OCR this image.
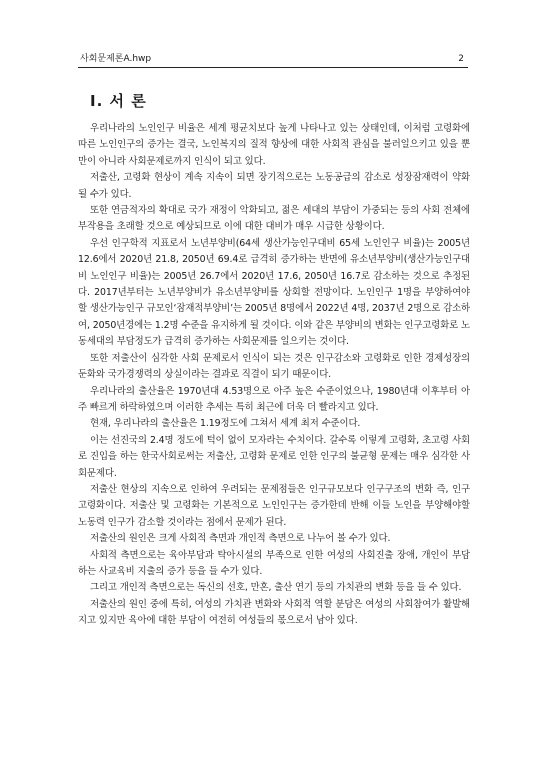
사회문제론A.hwp	2
Ⅰ. 서 론

우리나라의 노인인구 비율은 세계 평균치보다 높게 나타나고 있는 상태인데, 이처럼 고령화에 따른 노인인구의 증가는 결국, 노인복지의 질적 향상에 대한 사회적 관심을 불러일으키고 있을 뿐만이 아니라 사회문제로까지 인식이 되고 있다.

저출산, 고령화 현상이 계속 지속이 되면 장기적으로는 노동공급의 감소로 성장잠재력이 약화될 수가 있다.

또한 연금적자의 확대로 국가 재정이 악화되고, 젊은 세대의 부담이 가중되는 등의 사회 전체에 부작용을 초래할 것으로 예상되므로 이에 대한 대비가 매우 시급한 상황이다.

우선 인구학적 지표로서 노년부양비(64세 생산가능인구대비 65세 노인인구 비율)는 2005년 12.6에서 2020년 21.8, 2050년 69.4로 급격히 증가하는 반면에 유소년부양비(생산가능인구대비 노인인구 비율)는 2005년 26.7에서 2020년 17.6, 2050년 16.7로 감소하는 것으로 추정된다. 2017년부터는 노년부양비가 유소년부양비를 상회할 전망이다. 노인인구 1명을 부양하여야 할 생산가능인구 규모인‘잠재적부양비’는 2005년 8명에서 2022년 4명, 2037년 2명으로 감소하여, 2050년경에는 1.2명 수준을 유지하게 될 것이다. 이와 같은 부양비의 변화는 인구고령화로 노동세대의 부담정도가 급격히 증가하는 사회문제를 일으키는 것이다.

또한 저출산이 심각한 사회 문제로서 인식이 되는 것은 인구감소와 고령화로 인한 경제성장의 둔화와 국가경쟁력의 상실이라는 결과로 직결이 되기 때문이다.

우리나라의 출산율은 1970년대 4.53명으로 아주 높은 수준이었으나, 1980년대 이후부터 아주 빠르게 하락하였으며 이러한 추세는 특히 최근에 더욱 더 빨라지고 있다.

현재, 우리나라의 출산율은 1.19정도에 그쳐서 세계 최저 수준이다.

이는 선진국의 2.4명 정도에 턱이 없이 모자라는 수치이다. 갈수록 이렇게 고령화, 초고령 사회로 진입을 하는 한국사회로써는 저출산, 고령화 문제로 인한 인구의 불균형 문제는 매우 심각한 사회문제다.

저출산 현상의 지속으로 인하여 우려되는 문제점들은 인구규모보다 인구구조의 변화 즉, 인구고령화이다. 저출산 및 고령화는 기본적으로 노인인구는 증가한데 반해 이들 노인을 부양해야할 노동력 인구가 감소할 것이라는 점에서 문제가 된다.

저출산의 원인은 크게 사회적 측면과 개인적 측면으로 나누어 볼 수가 있다.

사회적 측면으로는 육아부담과 탁아시설의 부족으로 인한 여성의 사회진출 장애, 개인이 부담하는 사교육비 지출의 증가 등을 들 수가 있다.

그리고 개인적 측면으로는 독신의 선호, 만혼, 출산 연기 등의 가치관의 변화 등을 들 수 있다.

저출산의 원인 중에 특히, 여성의 가치관 변화와 사회적 역할 분담은 여성의 사회참여가 활발해지고 있지만 육아에 대한 부담이 여전히 여성들의 몫으로서 남아 있다.
